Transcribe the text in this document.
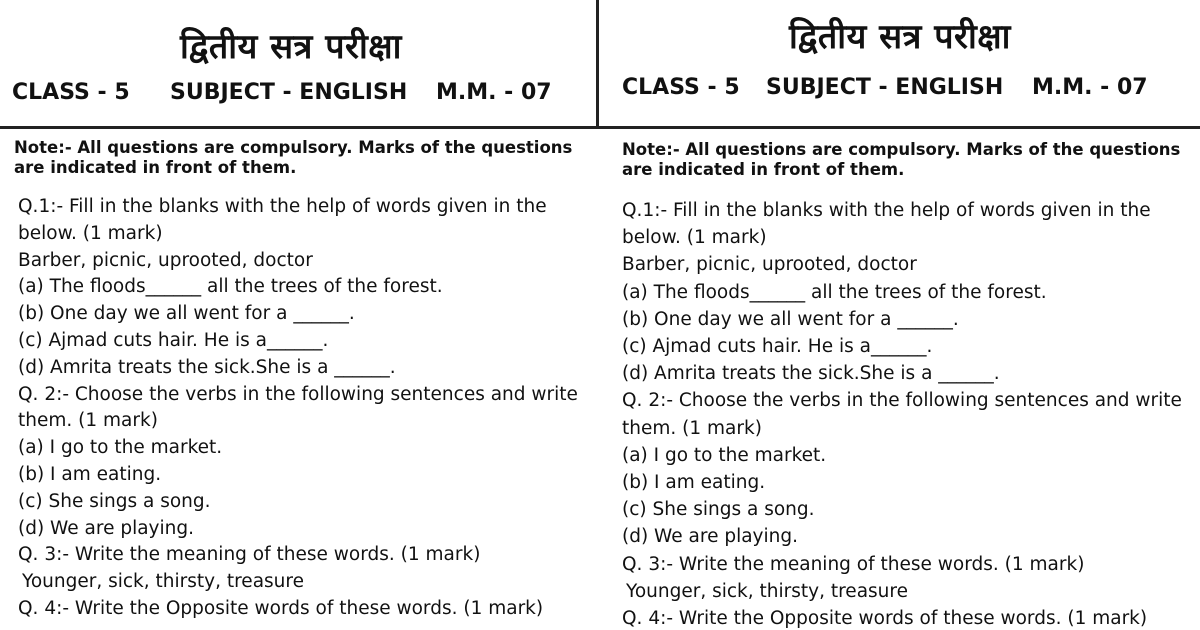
द्वितीय सत्र परीक्षा
CLASS - 5 SUBJECT - ENGLISH M.M. - 07
Note:- All questions are compulsory. Marks of the questions are indicated in front of them.
Q.1:- Fill in the blanks with the help of words given in the below. (1 mark)
Barber, picnic, uprooted, doctor
(a) The floods______ all the trees of the forest.
(b) One day we all went for a ______.
(c) Ajmad cuts hair. He is a______.
(d) Amrita treats the sick.She is a ______.
Q. 2:- Choose the verbs in the following sentences and write them. (1 mark)
(a) I go to the market.
(b) I am eating.
(c) She sings a song.
(d) We are playing.
Q. 3:- Write the meaning of these words. (1 mark)
Younger, sick, thirsty, treasure
Q. 4:- Write the Opposite words of these words. (1 mark)
द्वितीय सत्र परीक्षा
CLASS - 5 SUBJECT - ENGLISH M.M. - 07
Note:- All questions are compulsory. Marks of the questions are indicated in front of them.
Q.1:- Fill in the blanks with the help of words given in the below. (1 mark)
Barber, picnic, uprooted, doctor
(a) The floods______ all the trees of the forest.
(b) One day we all went for a ______.
(c) Ajmad cuts hair. He is a______.
(d) Amrita treats the sick.She is a ______.
Q. 2:- Choose the verbs in the following sentences and write them. (1 mark)
(a) I go to the market.
(b) I am eating.
(c) She sings a song.
(d) We are playing.
Q. 3:- Write the meaning of these words. (1 mark)
Younger, sick, thirsty, treasure
Q. 4:- Write the Opposite words of these words. (1 mark)
